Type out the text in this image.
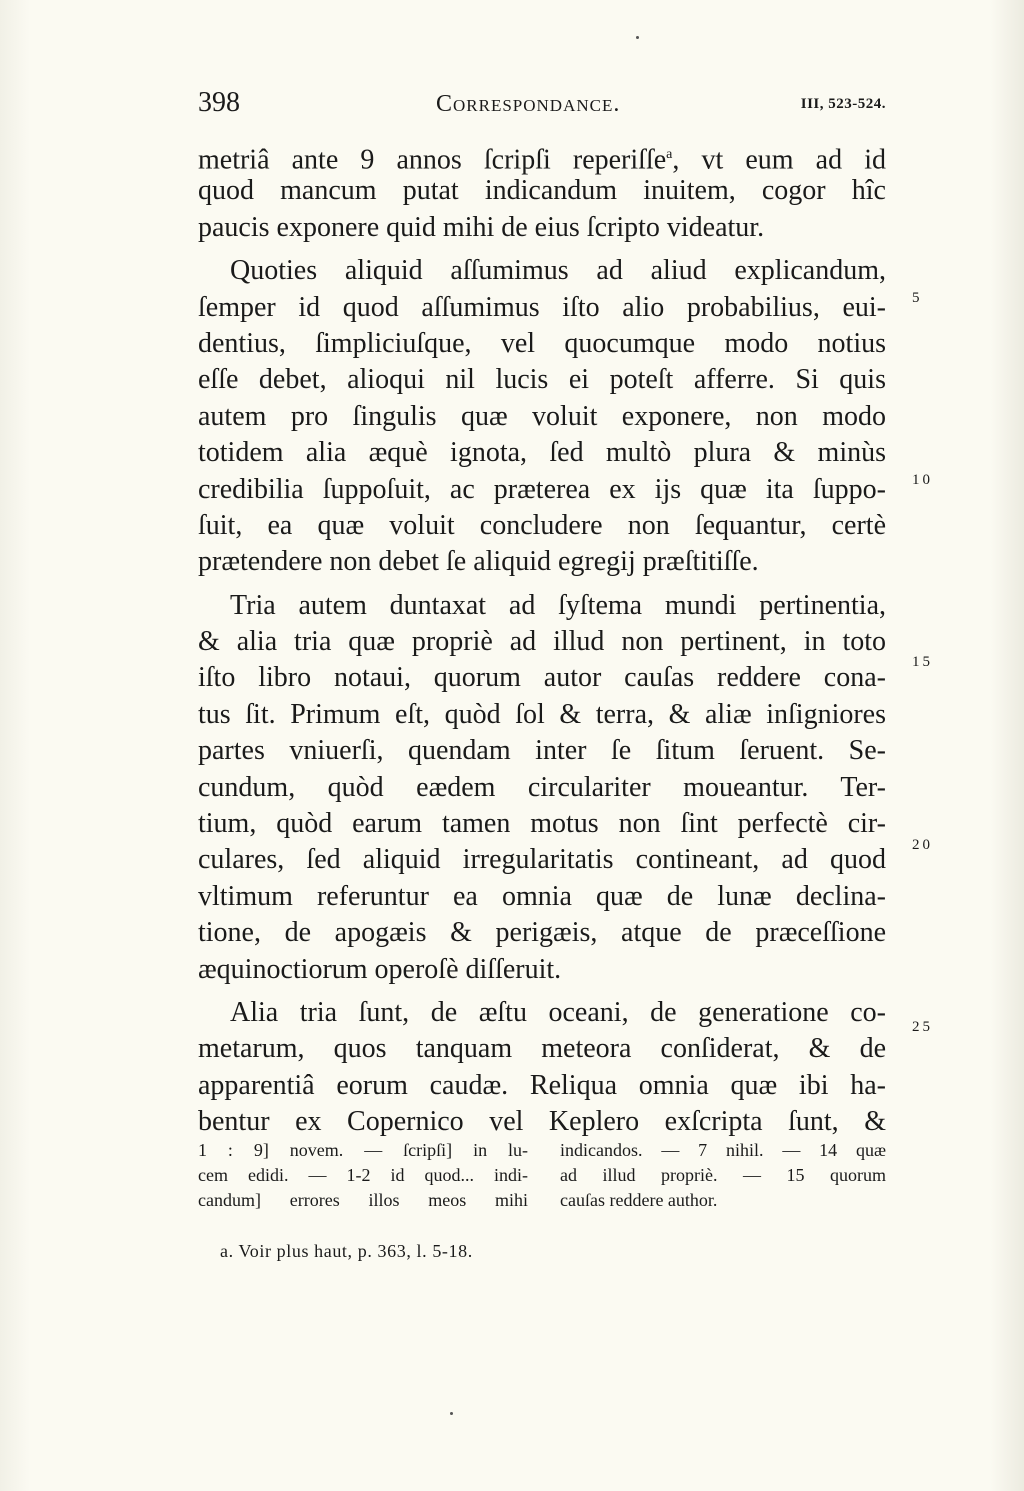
398	Correspondance.	III, 523-524.
metriâ ante 9 annos ſcripſi reperiſſe$^a$, vt eum ad id
quod mancum putat indicandum inuitem, cogor hîc
paucis exponere quid mihi de eius ſcripto videatur.
Quoties aliquid aſſumimus ad aliud explicandum,
ſemper id quod aſſumimus iſto alio probabilius, eui-
dentius, ſimpliciuſque, vel quocumque modo notius
eſſe debet, alioqui nil lucis ei poteſt afferre. Si quis
autem pro ſingulis quæ voluit exponere, non modo
totidem alia æquè ignota, ſed multò plura & minùs
credibilia ſuppoſuit, ac præterea ex ijs quæ ita ſuppo-
ſuit, ea quæ voluit concludere non ſequantur, certè
prætendere non debet ſe aliquid egregij præſtitiſſe.
Tria autem duntaxat ad ſyſtema mundi pertinentia,
& alia tria quæ propriè ad illud non pertinent, in toto
iſto libro notaui, quorum autor cauſas reddere cona-
tus ſit. Primum eſt, quòd ſol & terra, & aliæ inſigniores
partes vniuerſi, quendam inter ſe ſitum ſeruent. Se-
cundum, quòd eædem circulariter moueantur. Ter-
tium, quòd earum tamen motus non ſint perfectè cir-
culares, ſed aliquid irregularitatis contineant, ad quod
vltimum referuntur ea omnia quæ de lunæ declina-
tione, de apogæis & perigæis, atque de præceſſione
æquinoctiorum operoſè diſſeruit.
Alia tria ſunt, de æſtu oceani, de generatione co-
metarum, quos tanquam meteora conſiderat, & de
apparentiâ eorum caudæ. Reliqua omnia quæ ibi ha-
bentur ex Copernico vel Keplero exſcripta ſunt, &
5
10
15
20
25
1 : 9] novem. — ſcripſi] in lu-
cem edidi. — 1-2 id quod... indi-
candum] errores illos meos mihi
indicandos. — 7 nihil. — 14 quæ
ad illud propriè. — 15 quorum
cauſas reddere author.
a. Voir plus haut, p. 363, l. 5-18.
